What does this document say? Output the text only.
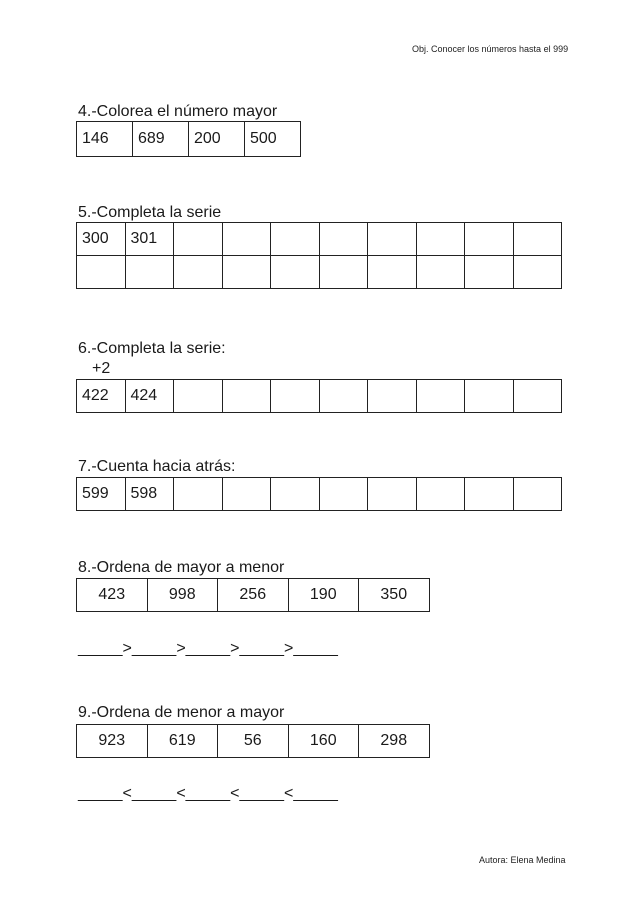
Obj. Conocer los números hasta el 999
4.-Colorea el número mayor
146	689	200	500
5.-Completa la serie
300	301								

6.-Completa la serie:
+2
422	424								
7.-Cuenta hacia atrás:
599	598								
8.-Ordena de mayor a menor
423	998	256	190	350
_____>_____>_____>_____>_____
9.-Ordena de menor a mayor
923	619	56	160	298
_____<_____<_____<_____<_____
Autora: Elena Medina
